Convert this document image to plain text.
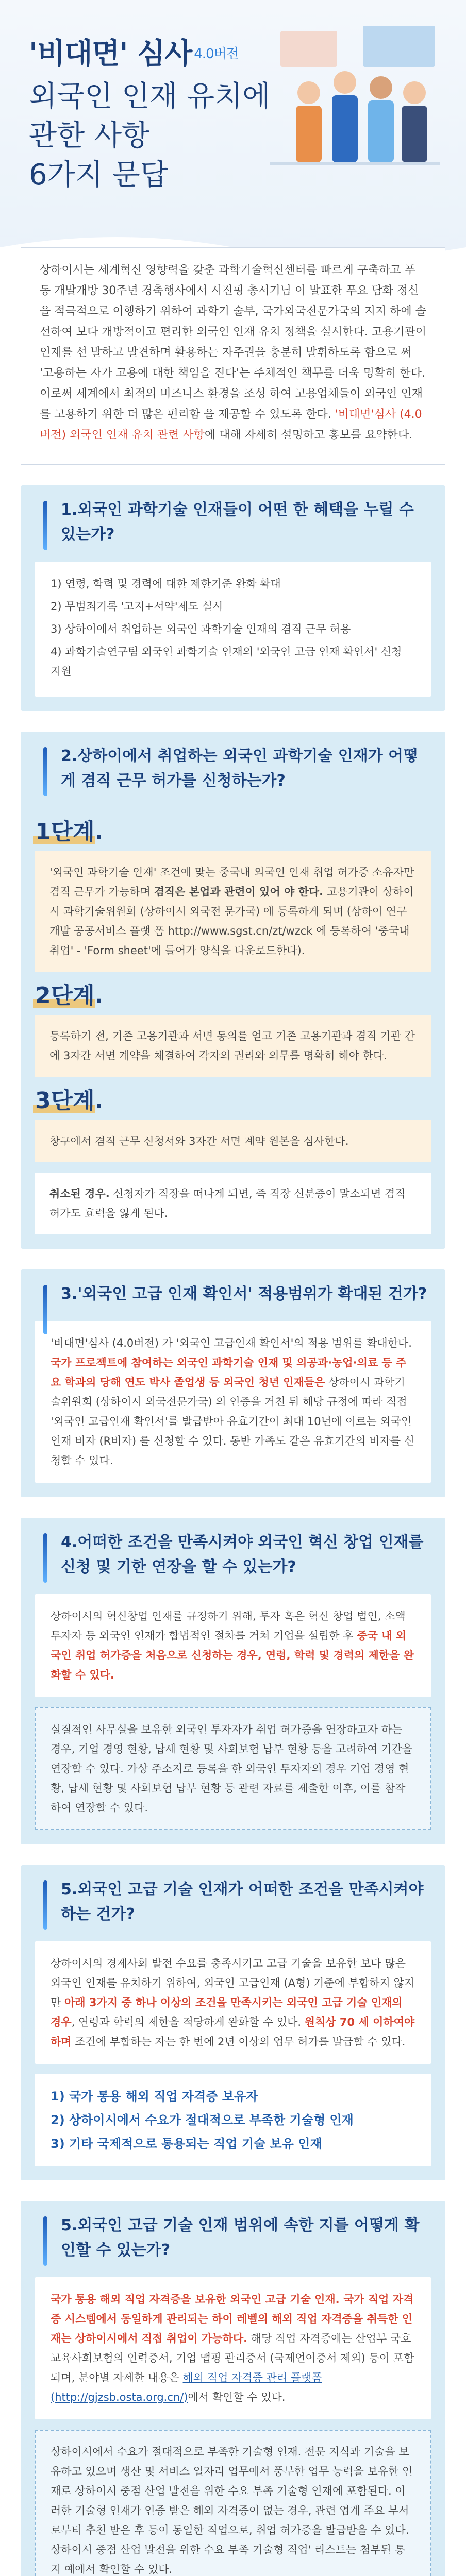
'비대면' 심사 4.0버전
외국인 인재 유치에
관한 사항
6가지 문답
상하이시는 세계혁신 영향력을 갖춘 과학기술혁신센터를 빠르게 구축하고 푸동 개발개방 30주년 경축행사에서 시진핑 총서기님 이 발표한 푸요 담화 정신을 적극적으로 이행하기 위하여 과학기 술부, 국가외국전문가국의 지지 하에 솔선하여 보다 개방적이고 편리한 외국인 인재 유치 정책을 실시한다. 고용기관이 인재를 선 발하고 발견하며 활용하는 자주권을 충분히 발휘하도록 함으로 써 '고용하는 자가 고용에 대한 책임을 진다'는 주체적인 책무를 더욱 명확히 한다. 이로써 세계에서 최적의 비즈니스 환경을 조성 하여 고용업체들이 외국인 인재를 고용하기 위한 더 많은 편리함 을 제공할 수 있도록 한다. '비대면'심사 (4.0버전) 외국인 인재 유치 관련 사항에 대해 자세히 설명하고 홍보를 요약한다.
1.외국인 과학기술 인재들이 어떤 한 혜택을 누릴 수 있는가?

1) 연령, 학력 및 경력에 대한 제한기준 완화 확대

2) 무범죄기록 '고지+서약'제도 실시

3) 상하이에서 취업하는 외국인 과학기술 인재의 겸직 근무 허용

4) 과학기술연구팀 외국인 과학기술 인재의 '외국인 고급 인재 확인서' 신청 지원

2.상하이에서 취업하는 외국인 과학기술 인재가 어떻게 겸직 근무 허가를 신청하는가?
1단계.
'외국인 과학기술 인재' 조건에 맞는 중국내 외국인 인재 취업 허가증 소유자만 겸직 근무가 가능하며 겸직은 본업과 관련이 있어 야 한다. 고용기관이 상하이시 과학기술위원회 (상하이시 외국전 문가국) 에 등록하게 되며 (상하이 연구개발 공공서비스 플랫 폼 http://www.sgst.cn/zt/wzck 에 등록하여 '중국내 취업' - 'Form sheet'에 들어가 양식을 다운로드한다).
2단계.
등록하기 전, 기존 고용기관과 서면 동의를 얻고 기존 고용기관과 겸직 기관 간에 3자간 서면 계약을 체결하여 각자의 권리와 의무를 명확히 해야 한다.
3단계.
창구에서 겸직 근무 신청서와 3자간 서면 계약 원본을 심사한다.
취소된 경우. 신청자가 직장을 떠나게 되면, 즉 직장 신분증이 말소되면 겸직 허가도 효력을 잃게 된다.
3.'외국인 고급 인재 확인서' 적용범위가 확대된 건가?
'비대면'심사 (4.0버전) 가 '외국인 고급인재 확인서'의 적용 범위를 확대한다. 국가 프로젝트에 참여하는 외국인 과학기술 인재 및 의공과·농업·의료 등 주요 학과의 당해 연도 박사 졸업생 등 외국인 청년 인재들은 상하이시 과학기술위원회 (상하이시 외국전문가국) 의 인증을 거친 뒤 해당 규정에 따라 직접 '외국인 고급인재 확인서'를 발급받아 유효기간이 최대 10년에 이르는 외국인 인재 비자 (R비자) 를 신청할 수 있다. 동반 가족도 같은 유효기간의 비자를 신청할 수 있다.
4.어떠한 조건을 만족시켜야 외국인 혁신 창업 인재를 신청 및 기한 연장을 할 수 있는가?
상하이시의 혁신창업 인재를 규정하기 위해, 투자 혹은 혁신 창업 법인, 소액 투자자 등 외국인 인재가 합법적인 절차를 거쳐 기업을 설립한 후 중국 내 외국인 취업 허가증을 처음으로 신청하는 경우, 연령, 학력 및 경력의 제한을 완화할 수 있다.
실질적인 사무실을 보유한 외국인 투자자가 취업 허가증을 연장하고자 하는 경우, 기업 경영 현황, 납세 현황 및 사회보험 납부 현황 등을 고려하여 기간을 연장할 수 있다. 가상 주소지로 등록을 한 외국인 투자자의 경우 기업 경영 현황, 납세 현황 및 사회보험 납부 현황 등 관련 자료를 제출한 이후, 이를 참작하여 연장할 수 있다.
5.외국인 고급 기술 인재가 어떠한 조건을 만족시켜야 하는 건가?
상하이시의 경제사회 발전 수요를 충족시키고 고급 기술을 보유한 보다 많은 외국인 인재를 유치하기 위하여, 외국인 고급인재 (A형) 기준에 부합하지 않지만 아래 3가지 중 하나 이상의 조건을 만족시키는 외국인 고급 기술 인재의 경우, 연령과 학력의 제한을 적당하게 완화할 수 있다. 원칙상 70 세 이하여야 하며 조건에 부합하는 자는 한 번에 2년 이상의 업무 허가를 발급할 수 있다.
1) 국가 통용 해외 직업 자격증 보유자
2) 상하이시에서 수요가 절대적으로 부족한 기술형 인재
3) 기타 국제적으로 통용되는 직업 기술 보유 인재
5.외국인 고급 기술 인재 범위에 속한 지를 어떻게 확인할 수 있는가?
국가 통용 해외 직업 자격증을 보유한 외국인 고급 기술 인재. 국가 직업 자격증 시스템에서 동일하게 관리되는 하이 레벨의 해외 직업 자격증을 취득한 인재는 상하이시에서 직접 취업이 가능하다. 해당 직업 자격증에는 산업부 국호 교육사회보험의 인력증서, 기업 맵핑 관리증서 (국제언어증서 제외) 등이 포함되며, 분야별 자세한 내용은 해외 직업 자격증 관리 플랫폼 (http://gjzsb.osta.org.cn/)에서 확인할 수 있다.
상하이시에서 수요가 절대적으로 부족한 기술형 인재. 전문 지식과 기술을 보유하고 있으며 생산 및 서비스 일자리 업무에서 풍부한 업무 능력을 보유한 인재로 상하이시 중점 산업 발전을 위한 수요 부족 기술형 인재에 포함된다. 이러한 기술형 인재가 인증 받은 해외 자격증이 없는 경우, 관련 업계 주요 부서로부터 추천 받은 후 등이 동일한 직업으로, 취업 허가증을 발급받을 수 있다. 상하이시 중점 산업 발전을 위한 수요 부족 기술형 직업' 리스트는 첨부된 통지 예에서 확인할 수 있다.
